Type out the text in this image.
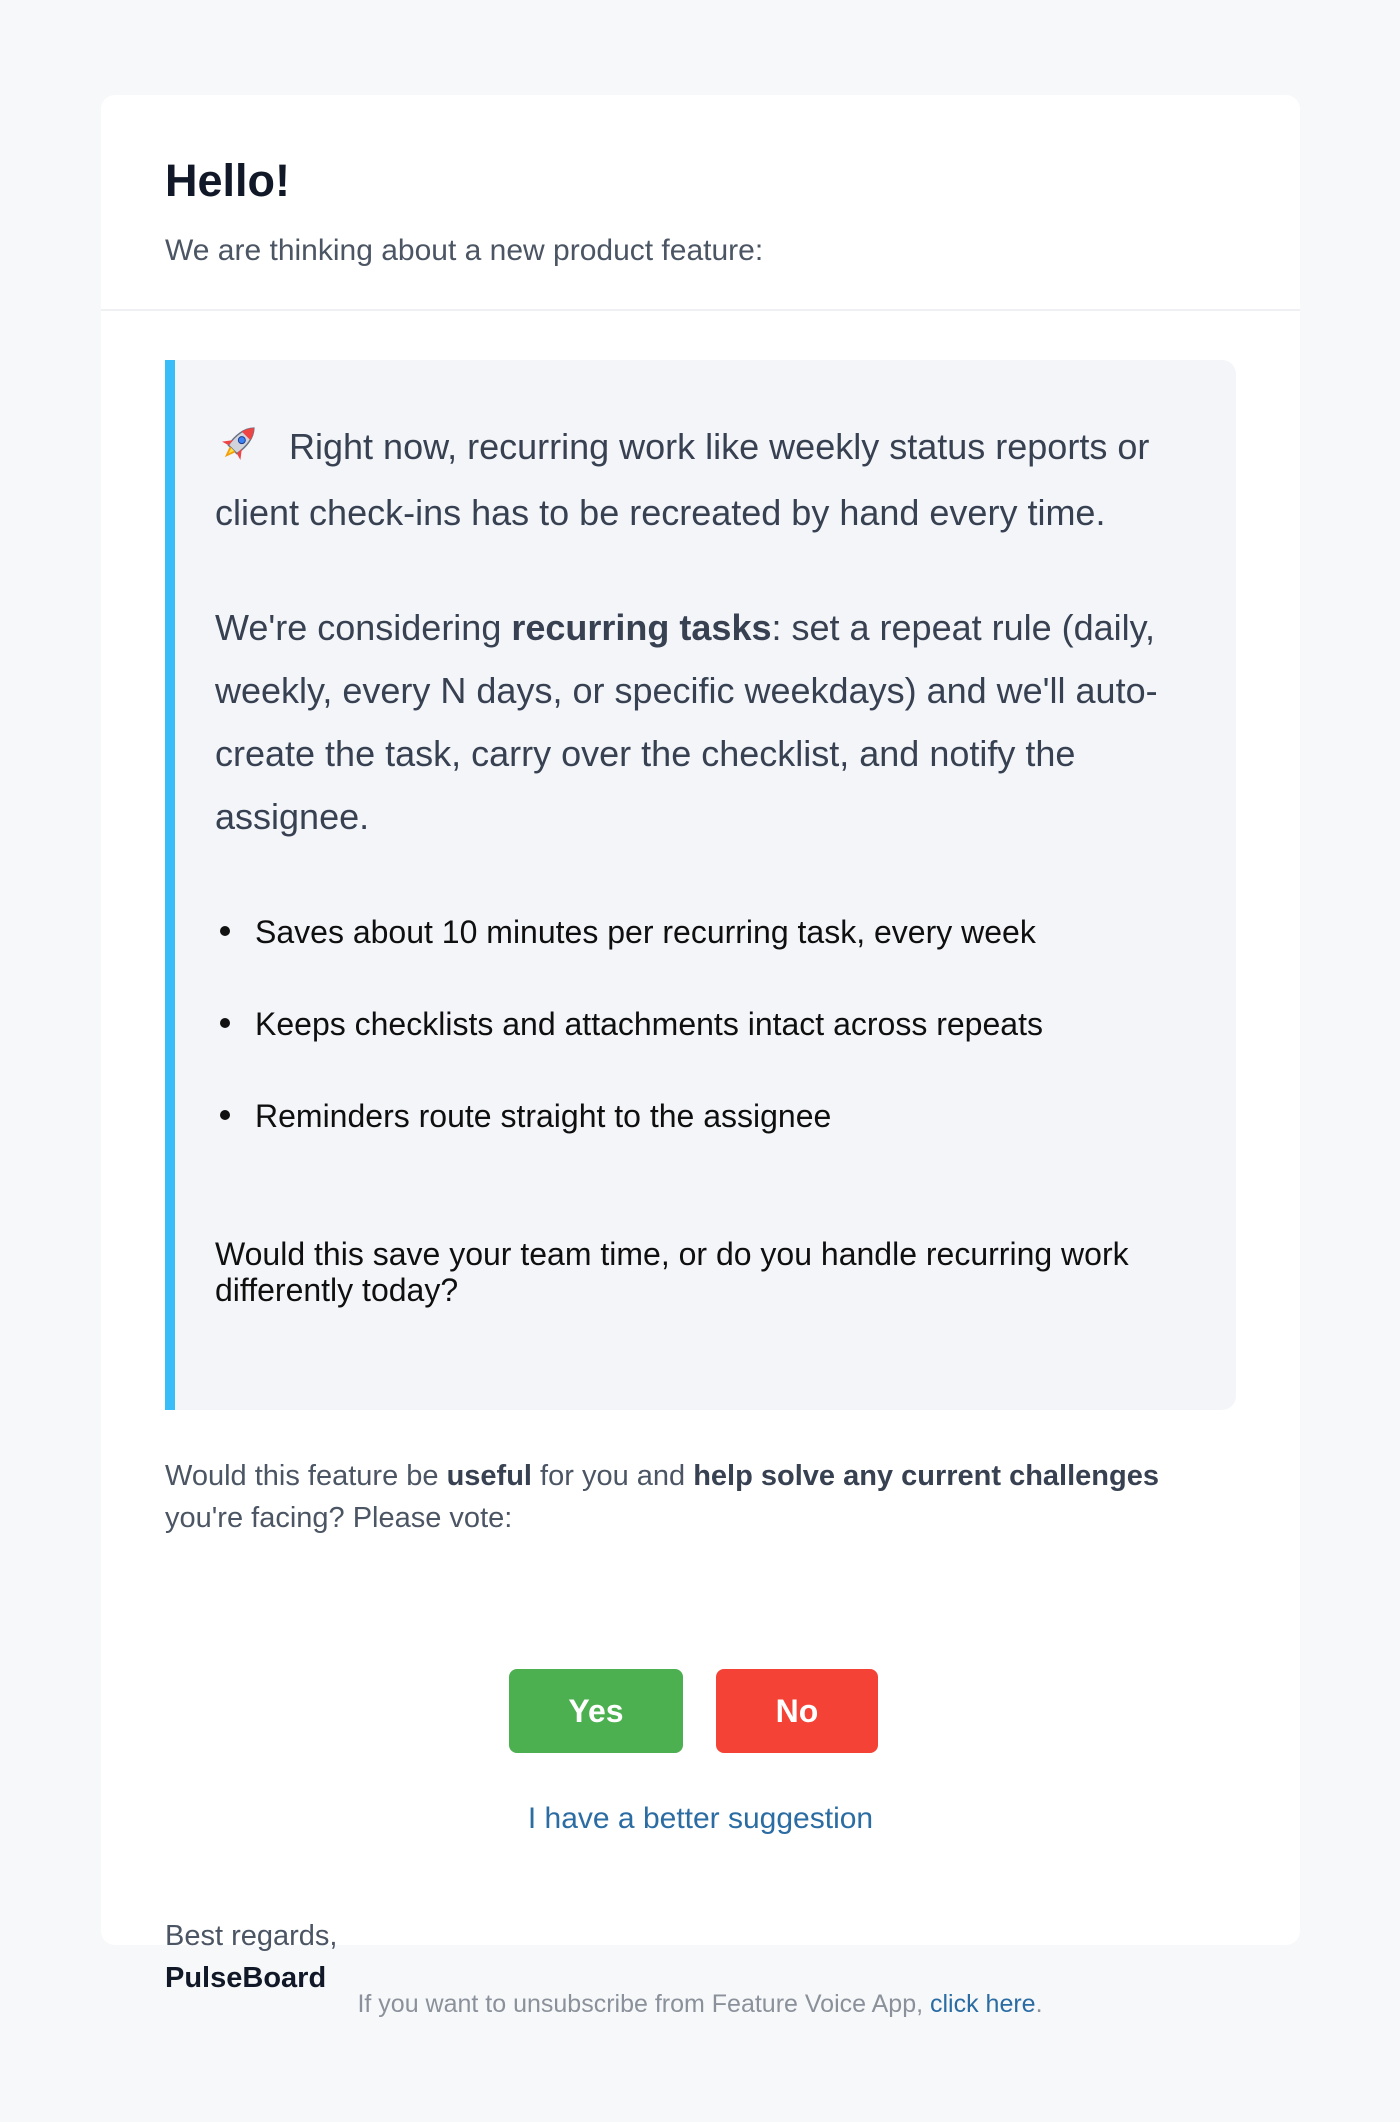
Hello!
We are thinking about a new product feature:

Right now, recurring work like weekly status reports or client check-ins has to be recreated by hand every time.

We're considering recurring tasks: set a repeat rule (daily, weekly, every N days, or specific weekdays) and we'll auto-create the task, carry over the checklist, and notify the assignee.

Saves about 10 minutes per recurring task, every week
Keeps checklists and attachments intact across repeats
Reminders route straight to the assignee
Would this save your team time, or do you handle recurring work differently today?
Would this feature be useful for you and help solve any current challenges you're facing? Please vote:
Yes	No
I have a better suggestion
Best regards,
PulseBoard
If you want to unsubscribe from Feature Voice App, click here.
